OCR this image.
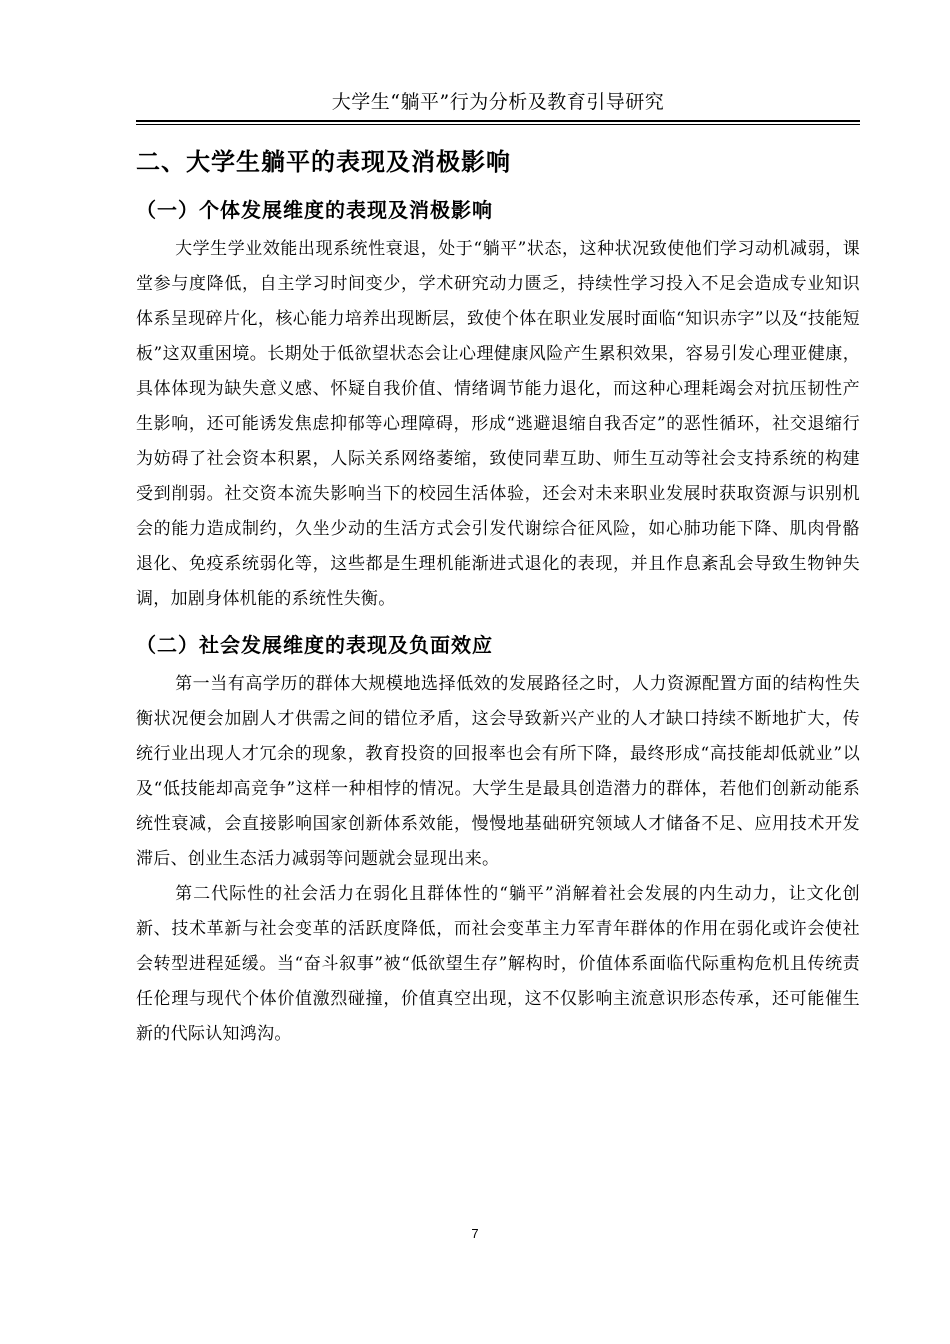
大学生“躺平”行为分析及教育引导研究
二、大学生躺平的表现及消极影响
（一）个体发展维度的表现及消极影响

大学生学业效能出现系统性衰退，处于“躺平”状态，这种状况致使他们学习动机减弱，课堂参与度降低，自主学习时间变少，学术研究动力匮乏，持续性学习投入不足会造成专业知识体系呈现碎片化，核心能力培养出现断层，致使个体在职业发展时面临“知识赤字”以及“技能短板”这双重困境。长期处于低欲望状态会让心理健康风险产生累积效果，容易引发心理亚健康，具体体现为缺失意义感、怀疑自我价值、情绪调节能力退化，而这种心理耗竭会对抗压韧性产生影响，还可能诱发焦虑抑郁等心理障碍，形成“逃避退缩自我否定”的恶性循环，社交退缩行为妨碍了社会资本积累，人际关系网络萎缩，致使同辈互助、师生互动等社会支持系统的构建受到削弱。社交资本流失影响当下的校园生活体验，还会对未来职业发展时获取资源与识别机会的能力造成制约，久坐少动的生活方式会引发代谢综合征风险，如心肺功能下降、肌肉骨骼退化、免疫系统弱化等，这些都是生理机能渐进式退化的表现，并且作息紊乱会导致生物钟失调，加剧身体机能的系统性失衡。

（二）社会发展维度的表现及负面效应

第一当有高学历的群体大规模地选择低效的发展路径之时，人力资源配置方面的结构性失衡状况便会加剧人才供需之间的错位矛盾，这会导致新兴产业的人才缺口持续不断地扩大，传统行业出现人才冗余的现象，教育投资的回报率也会有所下降，最终形成“高技能却低就业”以及“低技能却高竞争”这样一种相悖的情况。大学生是最具创造潜力的群体，若他们创新动能系统性衰减，会直接影响国家创新体系效能，慢慢地基础研究领域人才储备不足、应用技术开发滞后、创业生态活力减弱等问题就会显现出来。

第二代际性的社会活力在弱化且群体性的“躺平”消解着社会发展的内生动力，让文化创新、技术革新与社会变革的活跃度降低，而社会变革主力军青年群体的作用在弱化或许会使社会转型进程延缓。当“奋斗叙事”被“低欲望生存”解构时，价值体系面临代际重构危机且传统责任伦理与现代个体价值激烈碰撞，价值真空出现，这不仅影响主流意识形态传承，还可能催生新的代际认知鸿沟。

7
